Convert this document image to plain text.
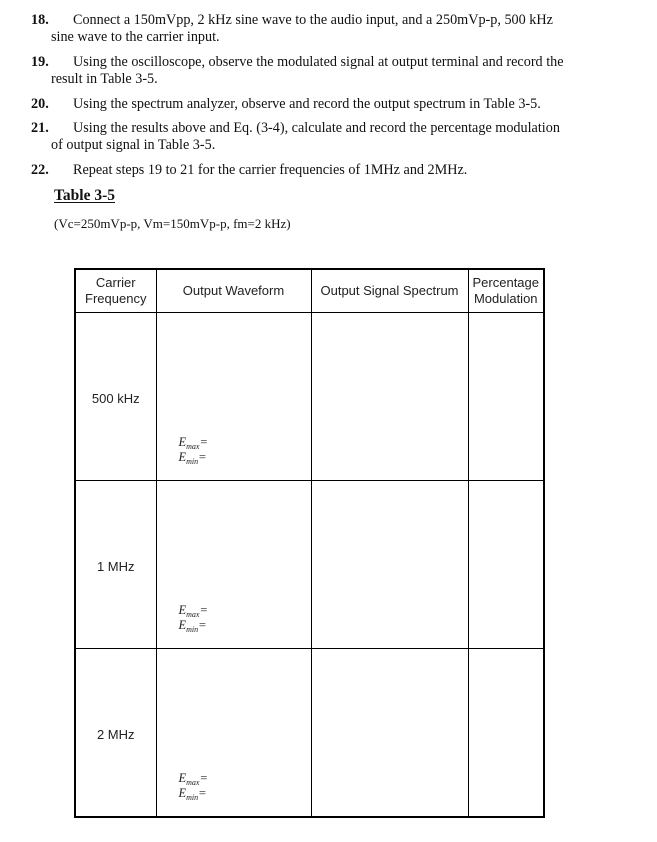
18. Connect a 150mVpp, 2 kHz sine wave to the audio input, and a 250mVp-p, 500 kHz
sine wave to the carrier input.
19. Using the oscilloscope, observe the modulated signal at output terminal and record the
result in Table 3-5.
20. Using the spectrum analyzer, observe and record the output spectrum in Table 3-5.
21. Using the results above and Eq. (3-4), calculate and record the percentage modulation
of output signal in Table 3-5.
22. Repeat steps 19 to 21 for the carrier frequencies of 1MHz and 2MHz.
Table 3-5
(Vc=250mVp-p, Vm=150mVp-p, fm=2 kHz)
Carrier
Frequency	Output Waveform	Output Signal Spectrum	Percentage
Modulation

500 kHz	$E_{max}=$
$E_{min}=$		

1 MHz	$E_{max}=$
$E_{min}=$		

2 MHz	$E_{max}=$
$E_{min}=$		
